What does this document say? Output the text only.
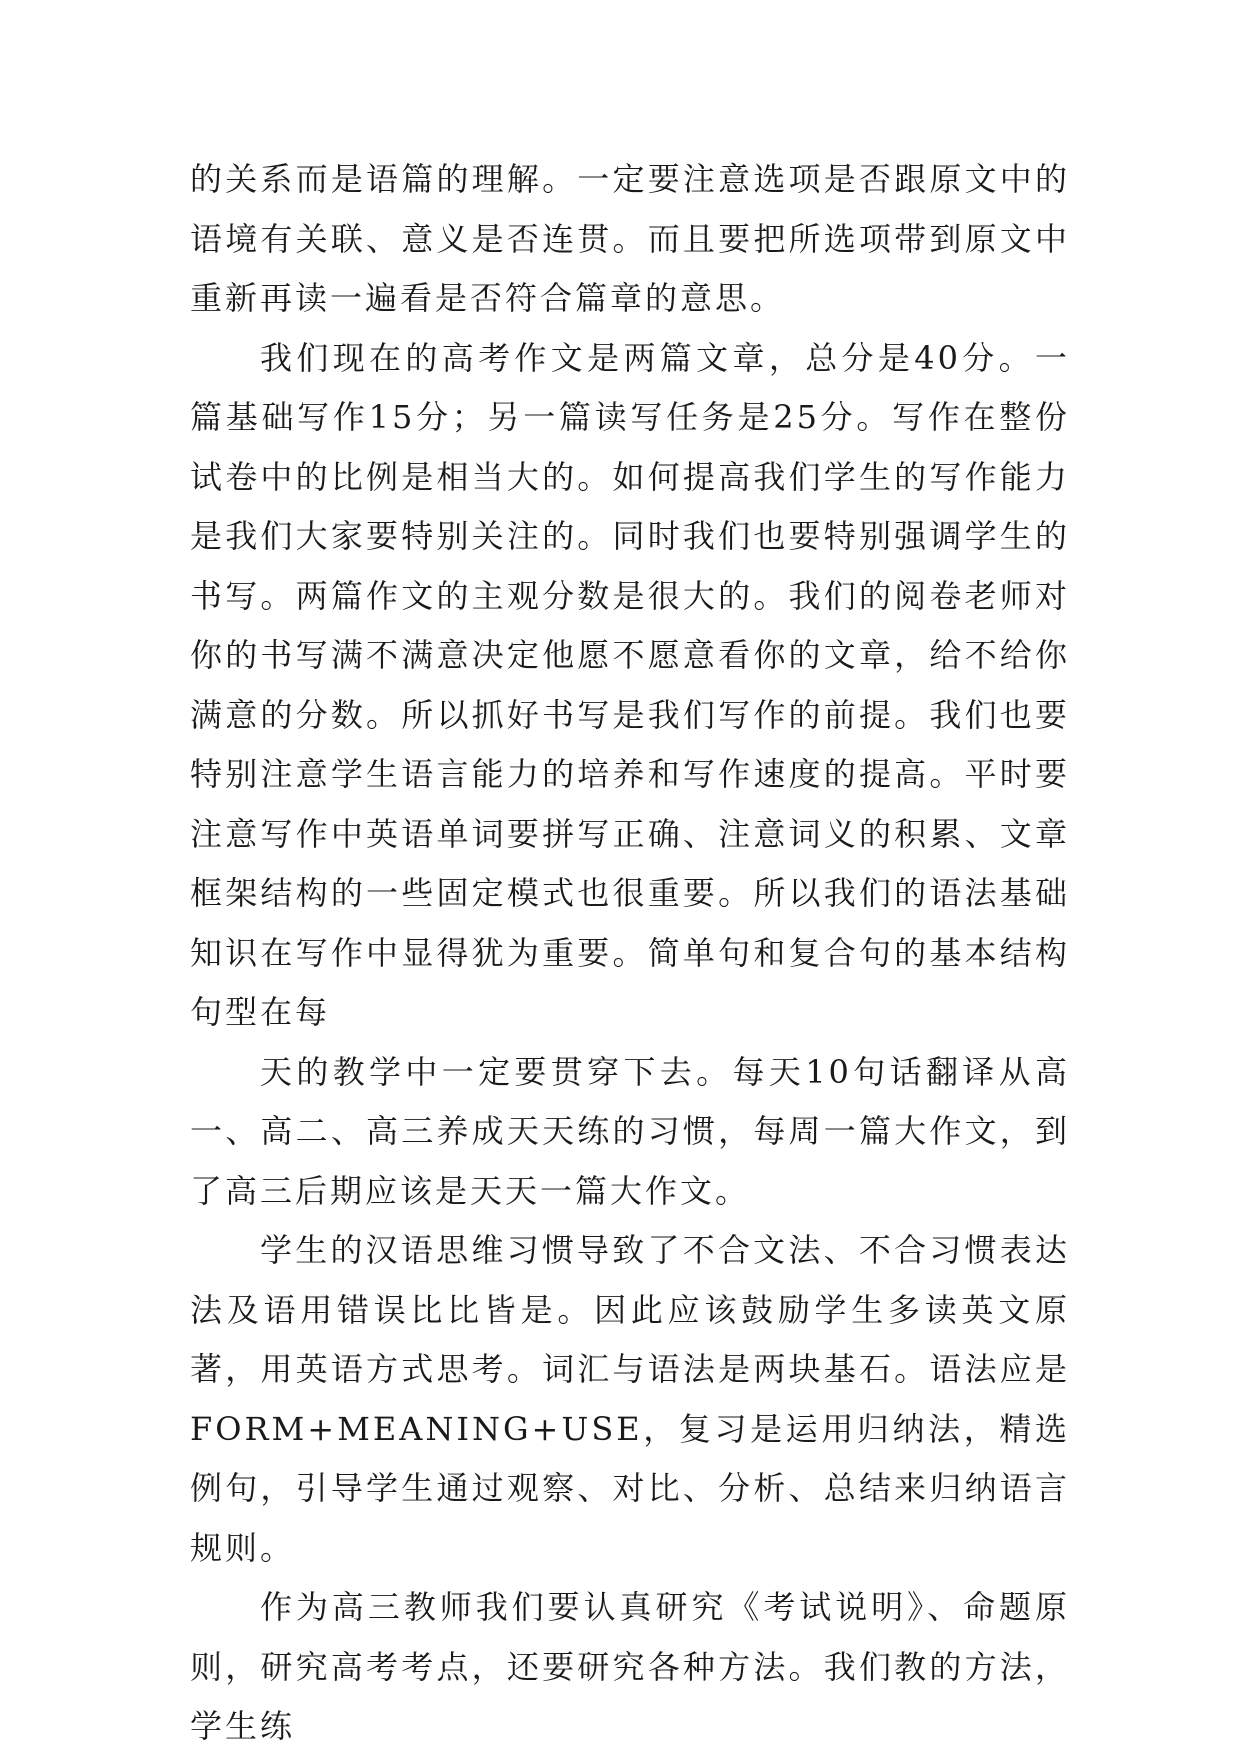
的关系而是语篇的理解。一定要注意选项是否跟原文中的语境有关联、意义是否连贯。而且要把所选项带到原文中重新再读一遍看是否符合篇章的意思。

我们现在的高考作文是两篇文章，总分是40分。一篇基础写作15分；另一篇读写任务是25分。写作在整份试卷中的比例是相当大的。如何提高我们学生的写作能力是我们大家要特别关注的。同时我们也要特别强调学生的书写。两篇作文的主观分数是很大的。我们的阅卷老师对你的书写满不满意决定他愿不愿意看你的文章，给不给你满意的分数。所以抓好书写是我们写作的前提。我们也要特别注意学生语言能力的培养和写作速度的提高。平时要注意写作中英语单词要拼写正确、注意词义的积累、文章框架结构的一些固定模式也很重要。所以我们的语法基础知识在写作中显得犹为重要。简单句和复合句的基本结构句型在每

天的教学中一定要贯穿下去。每天10句话翻译从高一、高二、高三养成天天练的习惯，每周一篇大作文，到了高三后期应该是天天一篇大作文。

学生的汉语思维习惯导致了不合文法、不合习惯表达法及语用错误比比皆是。因此应该鼓励学生多读英文原著，用英语方式思考。词汇与语法是两块基石。语法应是FORM+MEANING+USE，复习是运用归纳法，精选例句，引导学生通过观察、对比、分析、总结来归纳语言规则。

作为高三教师我们要认真研究《考试说明》、命题原则，研究高考考点，还要研究各种方法。我们教的方法，学生练
